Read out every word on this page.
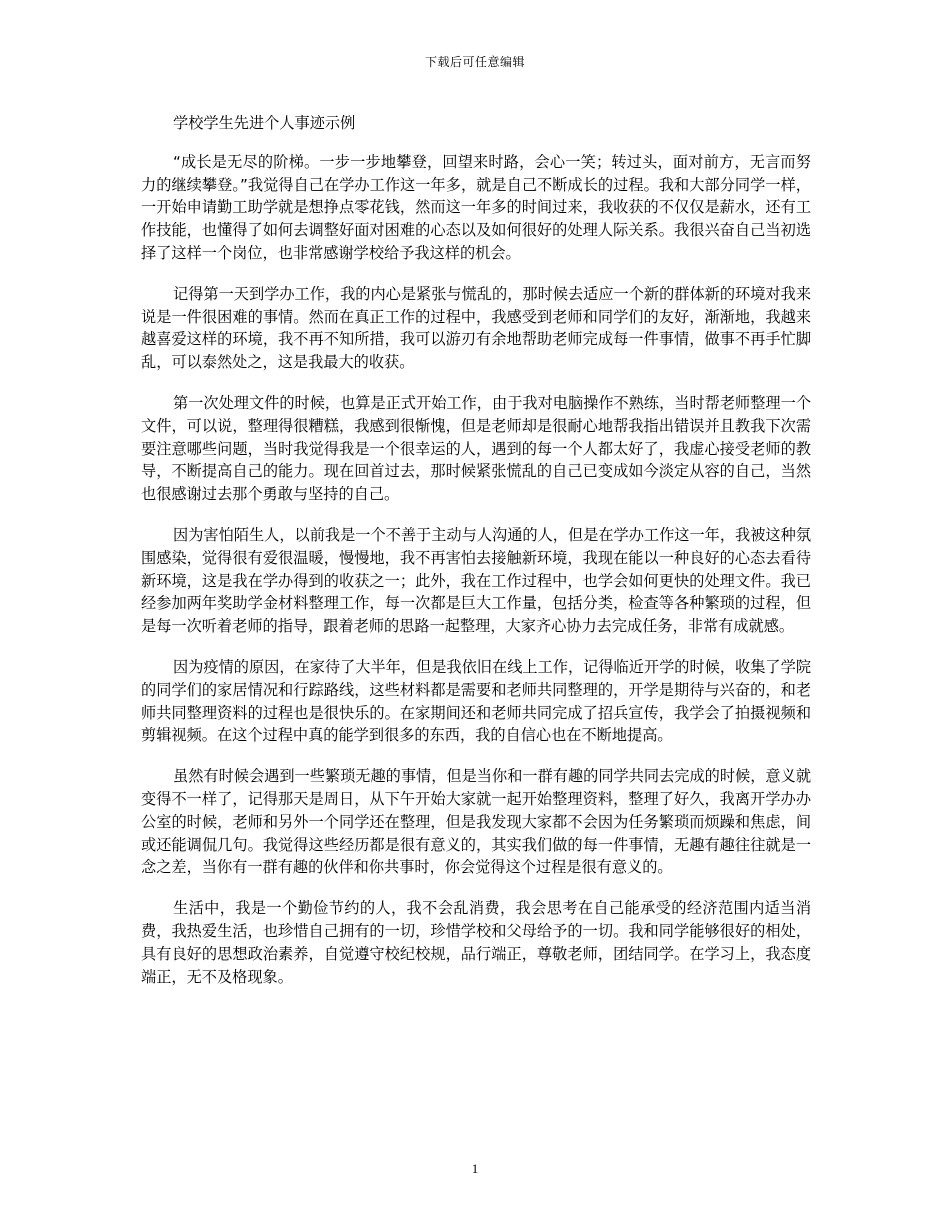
下载后可任意编辑

学校学生先进个人事迹示例

“成长是无尽的阶梯。一步一步地攀登，回望来时路，会心一笑；转过头，面对前方，无言而努力的继续攀登。”我觉得自己在学办工作这一年多，就是自己不断成长的过程。我和大部分同学一样，一开始申请勤工助学就是想挣点零花钱，然而这一年多的时间过来，我收获的不仅仅是薪水，还有工作技能，也懂得了如何去调整好面对困难的心态以及如何很好的处理人际关系。我很兴奋自己当初选择了这样一个岗位，也非常感谢学校给予我这样的机会。

记得第一天到学办工作，我的内心是紧张与慌乱的，那时候去适应一个新的群体新的环境对我来说是一件很困难的事情。然而在真正工作的过程中，我感受到老师和同学们的友好，渐渐地，我越来越喜爱这样的环境，我不再不知所措，我可以游刃有余地帮助老师完成每一件事情，做事不再手忙脚乱，可以泰然处之，这是我最大的收获。

第一次处理文件的时候，也算是正式开始工作，由于我对电脑操作不熟练，当时帮老师整理一个文件，可以说，整理得很糟糕，我感到很惭愧，但是老师却是很耐心地帮我指出错误并且教我下次需要注意哪些问题，当时我觉得我是一个很幸运的人，遇到的每一个人都太好了，我虚心接受老师的教导，不断提高自己的能力。现在回首过去，那时候紧张慌乱的自己已变成如今淡定从容的自己，当然也很感谢过去那个勇敢与坚持的自己。

因为害怕陌生人，以前我是一个不善于主动与人沟通的人，但是在学办工作这一年，我被这种氛围感染，觉得很有爱很温暖，慢慢地，我不再害怕去接触新环境，我现在能以一种良好的心态去看待新环境，这是我在学办得到的收获之一；此外，我在工作过程中，也学会如何更快的处理文件。我已经参加两年奖助学金材料整理工作，每一次都是巨大工作量，包括分类，检查等各种繁琐的过程，但是每一次听着老师的指导，跟着老师的思路一起整理，大家齐心协力去完成任务，非常有成就感。

因为疫情的原因，在家待了大半年，但是我依旧在线上工作，记得临近开学的时候，收集了学院的同学们的家居情况和行踪路线，这些材料都是需要和老师共同整理的，开学是期待与兴奋的，和老师共同整理资料的过程也是很快乐的。在家期间还和老师共同完成了招兵宣传，我学会了拍摄视频和剪辑视频。在这个过程中真的能学到很多的东西，我的自信心也在不断地提高。

虽然有时候会遇到一些繁琐无趣的事情，但是当你和一群有趣的同学共同去完成的时候，意义就变得不一样了，记得那天是周日，从下午开始大家就一起开始整理资料，整理了好久，我离开学办办公室的时候，老师和另外一个同学还在整理，但是我发现大家都不会因为任务繁琐而烦躁和焦虑，间或还能调侃几句。我觉得这些经历都是很有意义的，其实我们做的每一件事情，无趣有趣往往就是一念之差，当你有一群有趣的伙伴和你共事时，你会觉得这个过程是很有意义的。

生活中，我是一个勤俭节约的人，我不会乱消费，我会思考在自己能承受的经济范围内适当消费，我热爱生活，也珍惜自己拥有的一切，珍惜学校和父母给予的一切。我和同学能够很好的相处，具有良好的思想政治素养，自觉遵守校纪校规，品行端正，尊敬老师，团结同学。在学习上，我态度端正，无不及格现象。

1
